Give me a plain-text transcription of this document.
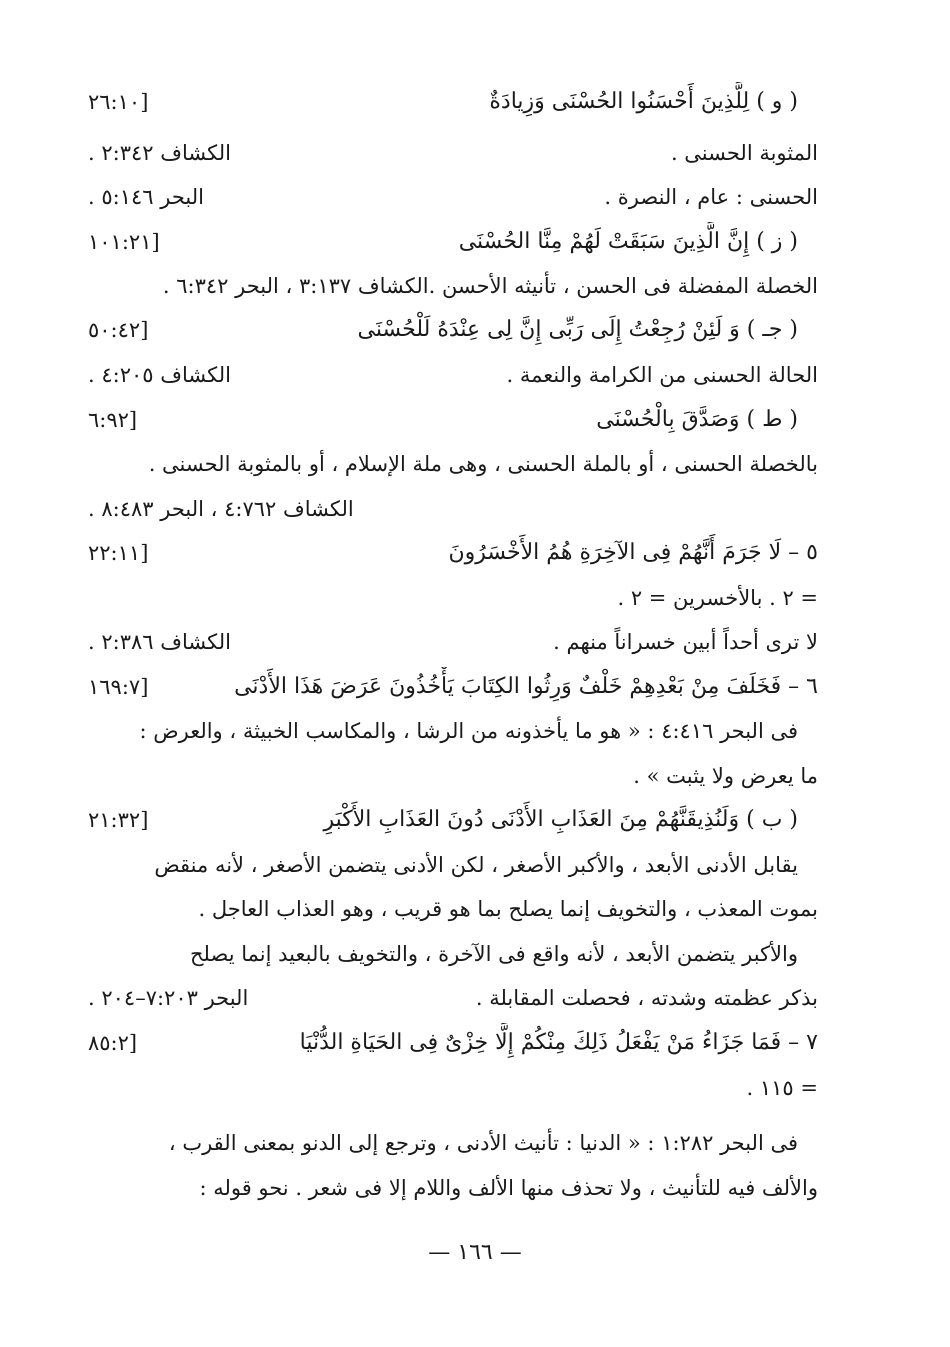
( و ) لِلَّذِينَ أَحْسَنُوا الحُسْنَى وَزِيادَةٌ
[٢٦:١٠
المثوبة الحسنى .
الكشاف ٢:٣٤٢ .
الحسنى : عام ، النصرة .
البحر ٥:١٤٦ .
( ز ) إِنَّ الَّذِينَ سَبَقَتْ لَهُمْ مِنَّا الحُسْنَى
[١٠١:٢١
الخصلة المفضلة فى الحسن ، تأنيثه الأحسن .الكشاف ٣:١٣٧ ، البحر ٦:٣٤٢ .
( جـ ) وَ لَئِنْ رُجِعْتُ إِلَى رَبِّى إِنَّ لِى عِنْدَهُ لَلْحُسْنَى
[٥٠:٤٢
الحالة الحسنى من الكرامة والنعمة .
الكشاف ٤:٢٠٥ .
( ط ) وَصَدَّقَ بِالْحُسْنَى
[٦:٩٢
بالخصلة الحسنى ، أو بالملة الحسنى ، وهى ملة الإسلام ، أو بالمثوبة الحسنى .
الكشاف ٤:٧٦٢ ، البحر ٨:٤٨٣ .
٥ – لَا جَرَمَ أَنَّهُمْ فِى الآخِرَةِ هُمُ الأَخْسَرُونَ
[٢٢:١١
= ٢ . بالأخسرين = ٢ .
لا ترى أحداً أبين خسراناً منهم .
الكشاف ٢:٣٨٦ .
٦ – فَخَلَفَ مِنْ بَعْدِهِمْ خَلْفٌ وَرِثُوا الكِتَابَ يَأْخُذُونَ عَرَضَ هَذَا الأَدْنَى
[١٦٩:٧
فى البحر ٤:٤١٦ : « هو ما يأخذونه من الرشا ، والمكاسب الخبيثة ، والعرض :
ما يعرض ولا يثبت » .
( ب ) وَلَنُذِيقَنَّهُمْ مِنَ العَذَابِ الأَدْنَى دُونَ العَذَابِ الأَكْبَرِ
[٢١:٣٢
يقابل الأدنى الأبعد ، والأكبر الأصغر ، لكن الأدنى يتضمن الأصغر ، لأنه منقض
بموت المعذب ، والتخويف إنما يصلح بما هو قريب ، وهو العذاب العاجل .
والأكبر يتضمن الأبعد ، لأنه واقع فى الآخرة ، والتخويف بالبعيد إنما يصلح
بذكر عظمته وشدته ، فحصلت المقابلة .
البحر ٧:٢٠٣–٢٠٤ .
٧ – فَمَا جَزَاءُ مَنْ يَفْعَلُ ذَلِكَ مِنْكُمْ إِلَّا خِزْىٌ فِى الحَيَاةِ الدُّنْيَا
[٨٥:٢
= ١١٥ .
فى البحر ١:٢٨٢ : « الدنيا : تأنيث الأدنى ، وترجع إلى الدنو بمعنى القرب ،
والألف فيه للتأنيث ، ولا تحذف منها الألف واللام إلا فى شعر . نحو قوله :
— ١٦٦ —
